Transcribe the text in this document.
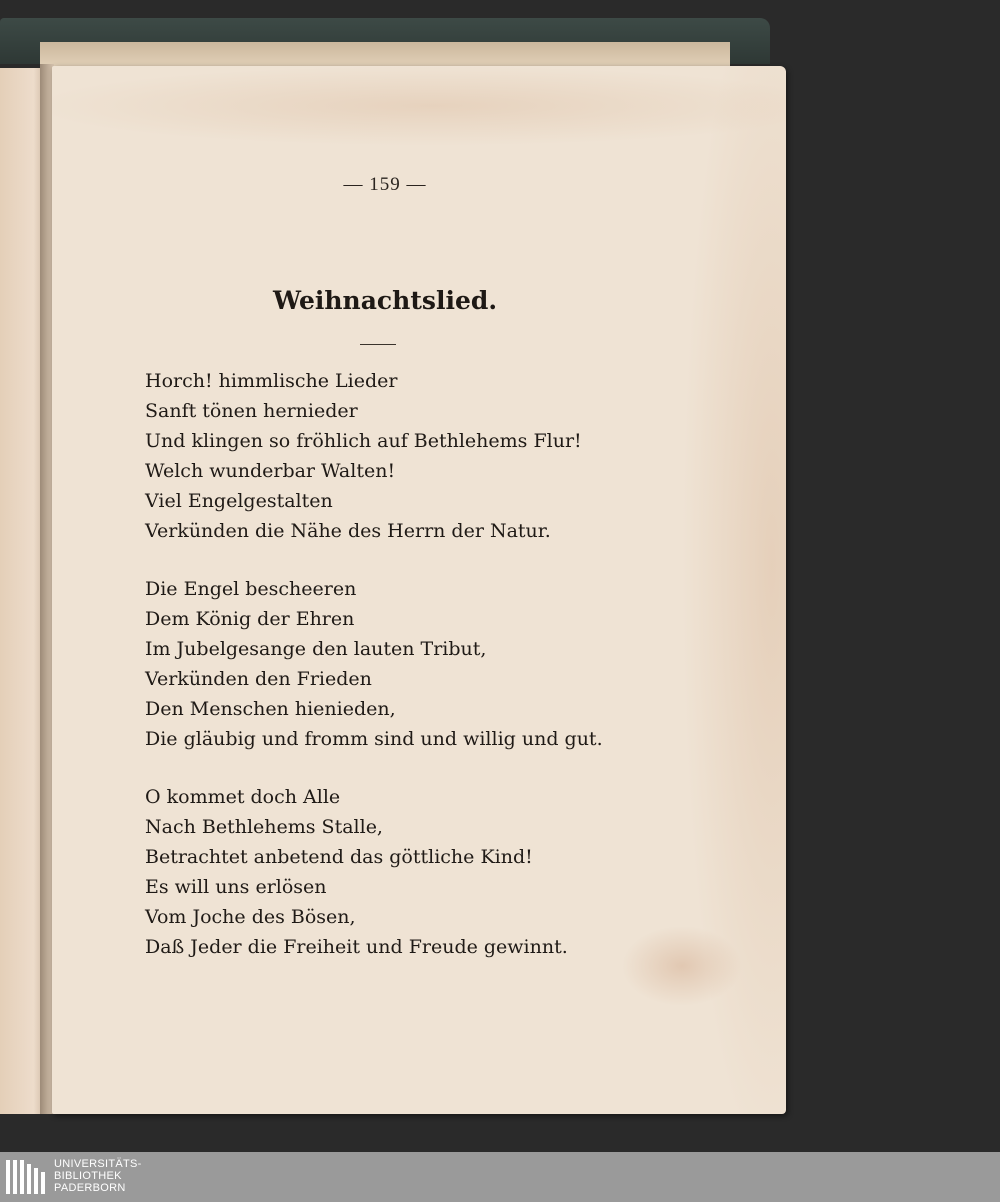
— 159 —
Weihnachtslied.
Horch! himmlische Lieder
Sanft tönen hernieder
Und klingen so fröhlich auf Bethlehems Flur!
Welch wunderbar Walten!
Viel Engelgestalten
Verkünden die Nähe des Herrn der Natur.
Die Engel bescheeren
Dem König der Ehren
Im Jubelgesange den lauten Tribut,
Verkünden den Frieden
Den Menschen hienieden,
Die gläubig und fromm sind und willig und gut.
O kommet doch Alle
Nach Bethlehems Stalle,
Betrachtet anbetend das göttliche Kind!
Es will uns erlösen
Vom Joche des Bösen,
Daß Jeder die Freiheit und Freude gewinnt.
UNIVERSITÄTS-
BIBLIOTHEK
PADERBORN
